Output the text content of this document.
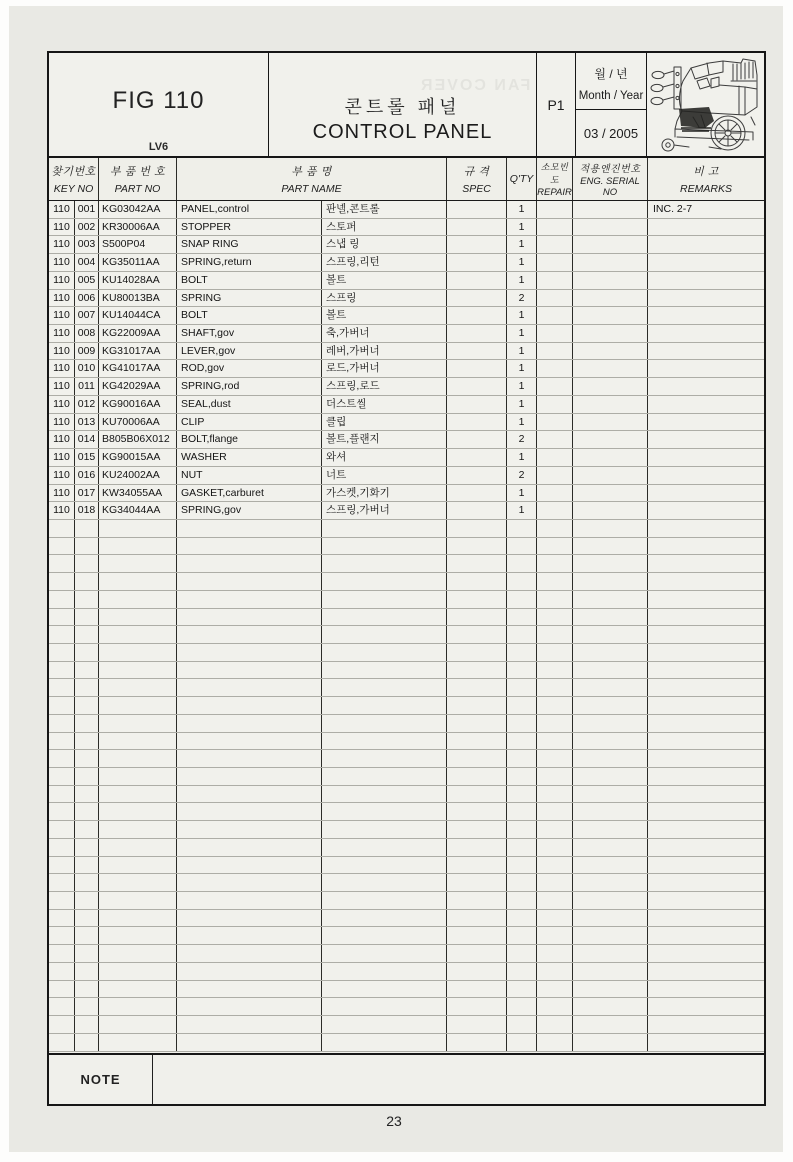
FIG 110
LV6
FAN COVER
콘트롤 패널
CONTROL PANEL
P1
월 / 년
Month / Year
03 / 2005
찾기번호
KEY NO
부 품 번 호
PART NO
부 품 명
PART NAME
규 격
SPEC
Q'TY
소모빈도
REPAIR
적용엔진번호
ENG. SERIAL NO
비 고
REMARKS
110 001 KG03042AA	PANEL,control	판넬,콘트롤	1	INC. 2-7
110 002 KR30006AA	STOPPER	스토퍼	1
110 003 S500P04	SNAP RING	스냅 링	1
110 004 KG35011AA	SPRING,return	스프링,리턴	1
110 005 KU14028AA	BOLT	볼트	1
110 006 KU80013BA	SPRING	스프링	2
110 007 KU14044CA	BOLT	볼트	1
110 008 KG22009AA	SHAFT,gov	축,가버너	1
110 009 KG31017AA	LEVER,gov	레버,가버너	1
110 010 KG41017AA	ROD,gov	로드,가버너	1
110 011 KG42029AA	SPRING,rod	스프링,로드	1
110 012 KG90016AA	SEAL,dust	더스트씰	1
110 013 KU70006AA	CLIP	클립	1
110 014 B805B06X012	BOLT,flange	볼트,플랜지	2
110 015 KG90015AA	WASHER	와셔	1
110 016 KU24002AA	NUT	너트	2
110 017 KW34055AA	GASKET,carburet	가스켓,기화기	1
110 018 KG34044AA	SPRING,gov	스프링,가버너	1
NOTE
23
